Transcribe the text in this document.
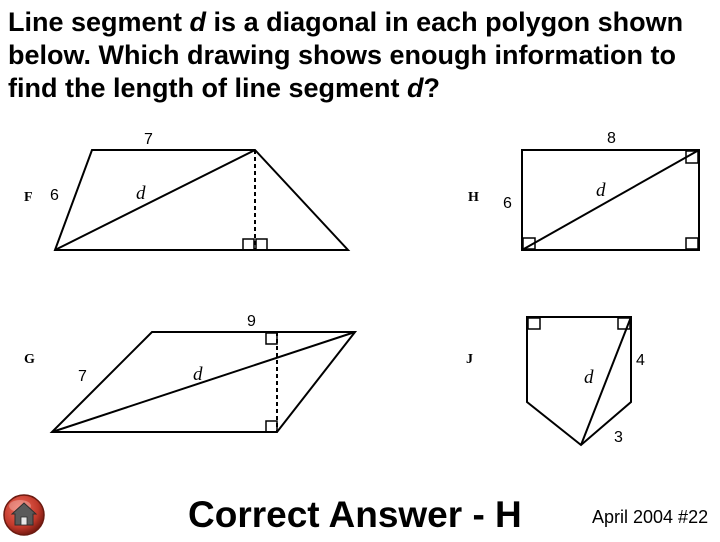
Line segment d is a diagonal in each polygon shown below. Which drawing shows enough information to find the length of line segment d?
F
7
6	d	H
8
6
d
G
9
7	d
J	4
3
d
Correct Answer - H	April 2004 #22
